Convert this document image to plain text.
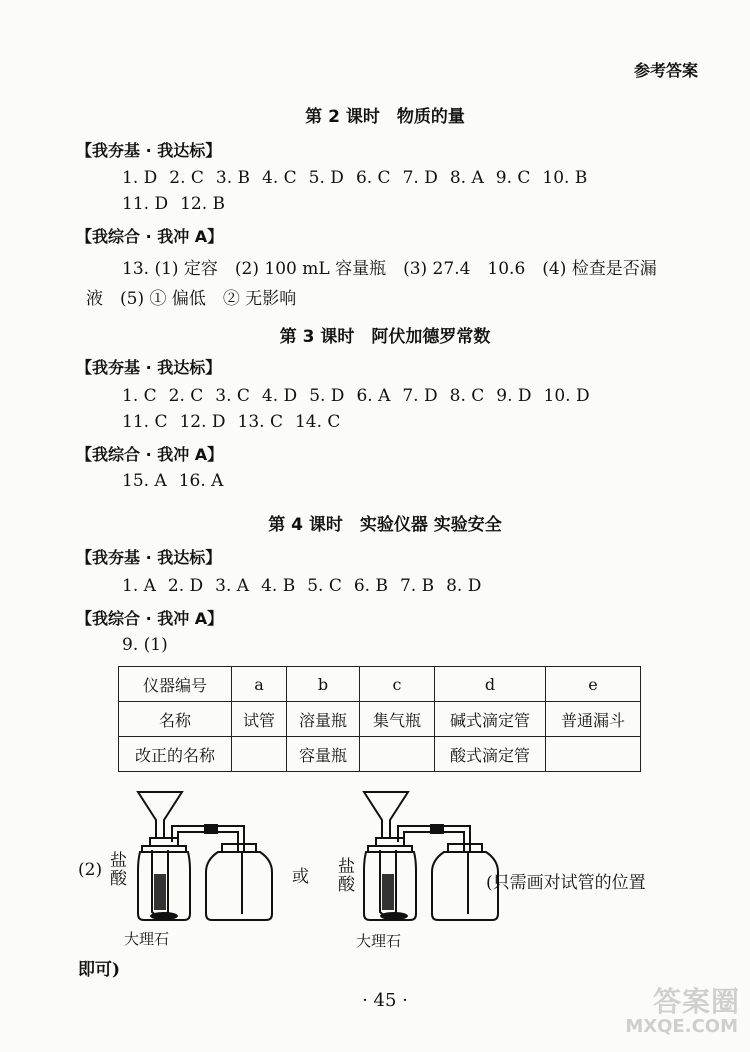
参考答案
第 2 课时　物质的量
【我夯基 · 我达标】
1. D 2. C 3. B 4. C 5. D 6. C 7. D 8. A 9. C 10. B
11. D 12. B
【我综合 · 我冲 A】
13. (1) 定容　(2) 100 mL 容量瓶　(3) 27.4　10.6　(4) 检查是否漏
液　(5) ① 偏低　② 无影响
第 3 课时　阿伏加德罗常数
【我夯基 · 我达标】
1. C 2. C 3. C 4. D 5. D 6. A 7. D 8. C 9. D 10. D
11. C 12. D 13. C 14. C
【我综合 · 我冲 A】
15. A 16. A
第 4 课时　实验仪器 实验安全
【我夯基 · 我达标】
1. A 2. D 3. A 4. B 5. C 6. B 7. B 8. D
【我综合 · 我冲 A】
9. (1)
仪器编号	a	b	c	d	e
名称	试管	溶量瓶	集气瓶	碱式滴定管	普通漏斗
改正的名称		容量瓶		酸式滴定管	
(2) 盐
酸
大理石
或 盐
酸
大理石
(只需画对试管的位置
即可)
· 45 ·	答案圈
MXQE.COM
